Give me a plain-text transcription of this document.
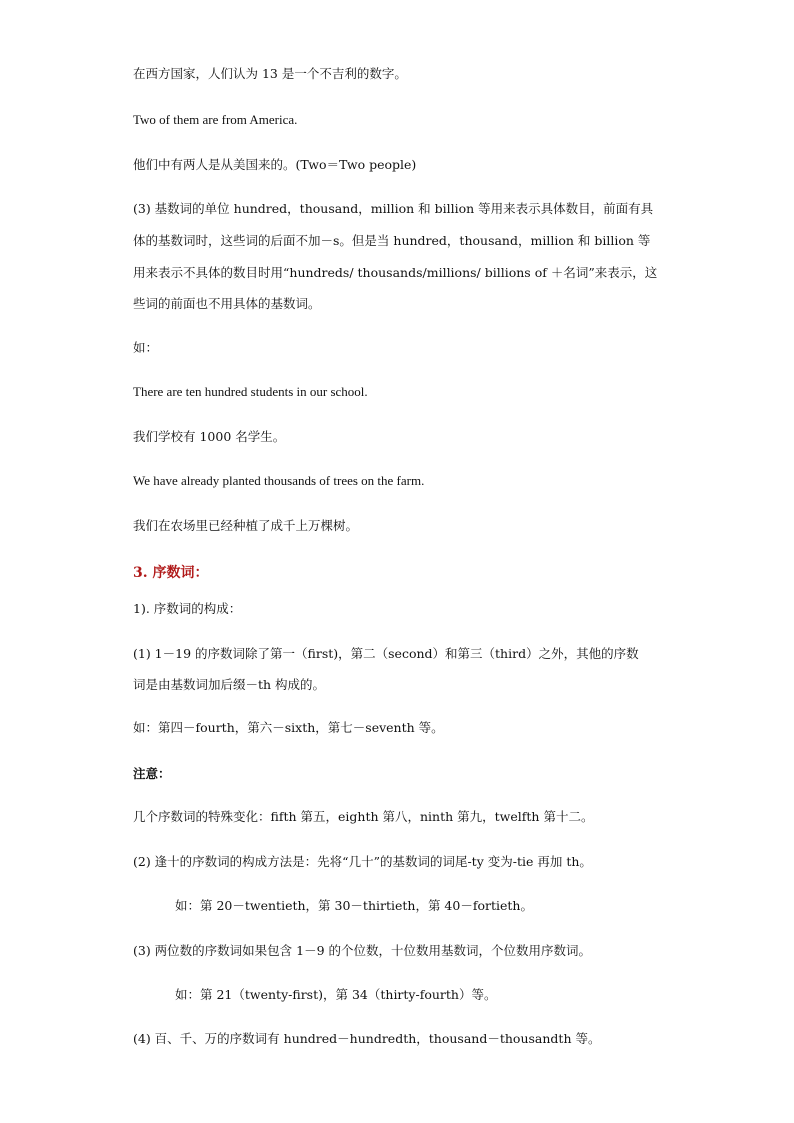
在西方国家，人们认为 13 是一个不吉利的数字。
Two of them are from America.
他们中有两人是从美国来的。(Two＝Two people)
(3) 基数词的单位 hundred，thousand，million 和 billion 等用来表示具体数目，前面有具
体的基数词时，这些词的后面不加－s。但是当 hundred，thousand，million 和 billion 等
用来表示不具体的数目时用“hundreds/ thousands/millions/ billions of ＋名词”来表示，这
些词的前面也不用具体的基数词。
如：
There are ten hundred students in our school.
我们学校有 1000 名学生。
We have already planted thousands of trees on the farm.
我们在农场里已经种植了成千上万棵树。
3. 序数词：
1). 序数词的构成：
(1) 1－19 的序数词除了第一（first)，第二（second）和第三（third）之外，其他的序数
词是由基数词加后缀－th 构成的。
如：第四－fourth，第六－sixth，第七－seventh 等。
注意：
几个序数词的特殊变化：fifth 第五，eighth 第八，ninth 第九，twelfth 第十二。
(2) 逢十的序数词的构成方法是：先将“几十”的基数词的词尾-ty 变为-tie 再加 th。
如：第 20－twentieth，第 30－thirtieth，第 40－fortieth。
(3) 两位数的序数词如果包含 1－9 的个位数，十位数用基数词，个位数用序数词。
如：第 21（twenty-first)，第 34（thirty-fourth）等。
(4) 百、千、万的序数词有 hundred－hundredth，thousand－thousandth 等。
